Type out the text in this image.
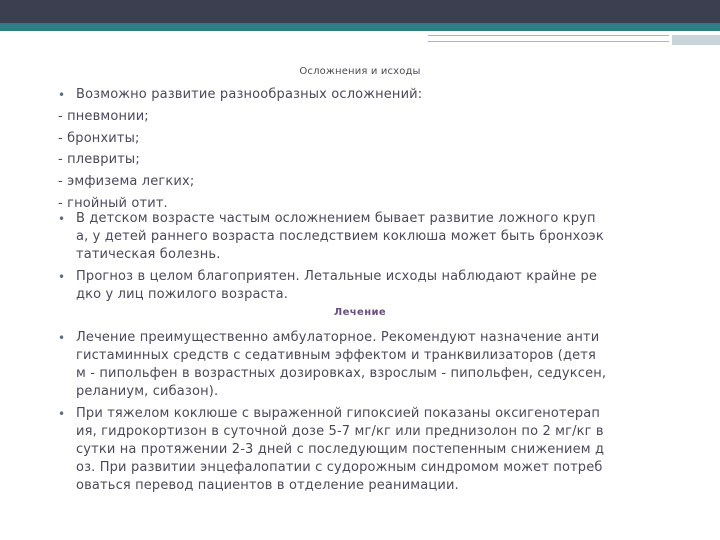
Осложнения и исходы
• Возможно развитие разнообразных осложнений:
- пневмонии;
- бронхиты;
- плевриты;
- эмфизема легких;
- гнойный отит.
• В детском возрасте частым осложнением бывает развитие ложного круп
а, у детей раннего возраста последствием коклюша может быть бронхоэк
татическая болезнь.
• Прогноз в целом благоприятен. Летальные исходы наблюдают крайне ре
дко у лиц пожилого возраста.
Лечение
• Лечение преимущественно амбулаторное. Рекомендуют назначение анти
гистаминных средств с седативным эффектом и транквилизаторов (детя
м - пипольфен в возрастных дозировках, взрослым - пипольфен, седуксен,
реланиум, сибазон).
• При тяжелом коклюше с выраженной гипоксией показаны оксигенотерап
ия, гидрокортизон в суточной дозе 5-7 мг/кг или преднизолон по 2 мг/кг в
сутки на протяжении 2-3 дней с последующим постепенным снижением д
оз. При развитии энцефалопатии с судорожным синдромом может потреб
оваться перевод пациентов в отделение реанимации.
